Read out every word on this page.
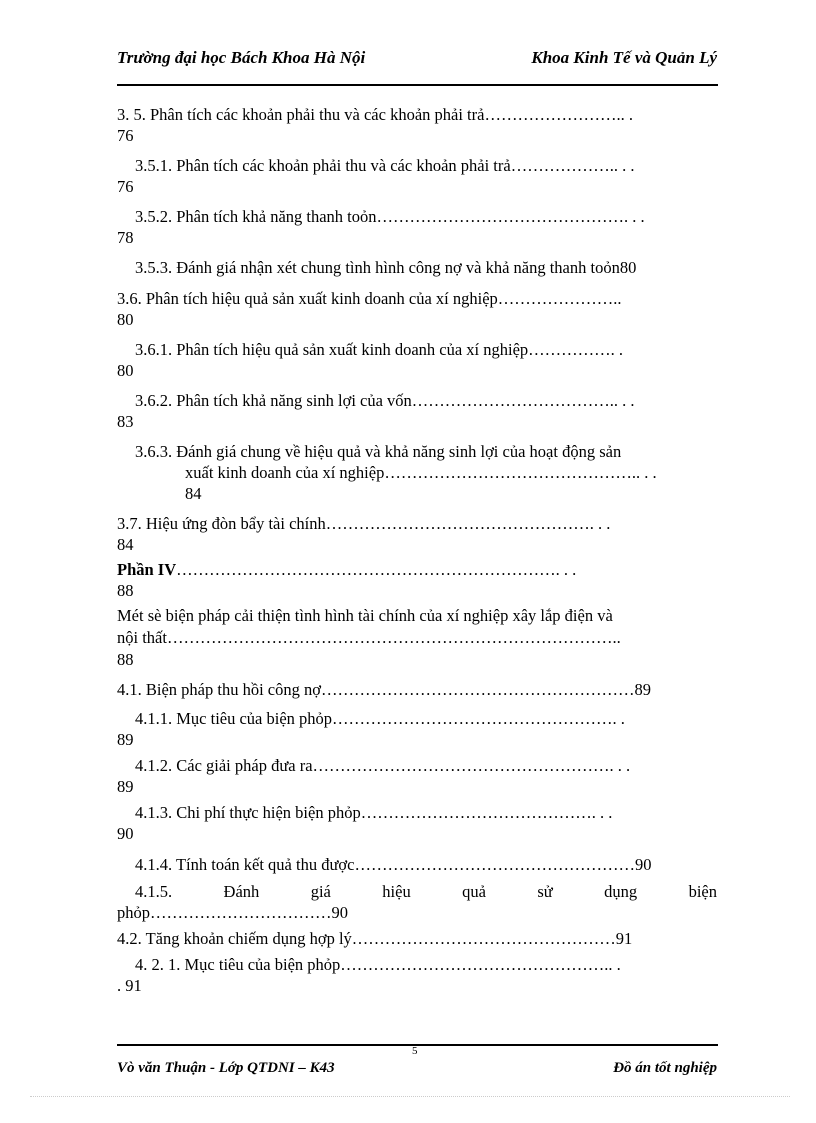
Trường đại học Bách Khoa Hà Nội	Khoa Kinh Tế và Quản Lý
3. 5. Phân tích các khoản phải thu và các khoản phải trả…………………….. .
76
3.5.1. Phân tích các khoản phải thu và các khoản phải trả……………….. . .
76
3.5.2. Phân tích khả năng thanh toỏn………………………………………. . .
78
3.5.3. Đánh giá nhận xét chung tình hình công nợ và khả năng thanh toỏn80
3.6. Phân tích hiệu quả sản xuất kinh doanh của xí nghiệp…………………..
80
3.6.1. Phân tích hiệu quả sản xuất kinh doanh của xí nghiệp……………. .
80
3.6.2. Phân tích khả năng sinh lợi của vốn……………………………….. . .
83
3.6.3. Đánh giá chung về hiệu quả và khả năng sinh lợi của hoạt động sản
xuất kinh doanh của xí nghiệp……………………………………….. . .
84
3.7. Hiệu ứng đòn bẩy tài chính…………………………………………. . .
84
Phần IV……………………………………………………………. . .
88
Mét sè biện pháp cải thiện tình hình tài chính của xí nghiệp xây lắp điện và
nội thất………………………………………………………………………..
88
4.1. Biện pháp thu hồi công nợ…………………………………………………89
4.1.1. Mục tiêu của biện phỏp……………………………………………. .
89
4.1.2. Các giải pháp đưa ra………………………………………………. . .
89
4.1.3. Chi phí thực hiện biện phỏp……………………………………. . .
90
4.1.4. Tính toán kết quả thu được……………………………………………90
4.1.5. Đánh giá hiệu quả sử dụng biện
phỏp……………………………90
4.2. Tăng khoản chiếm dụng hợp lý…………………………………………91
4. 2. 1. Mục tiêu của biện phỏp………………………………………….. .
. 91
5
Vò văn Thuận - Lớp QTDNI – K43	Đồ án tốt nghiệp
